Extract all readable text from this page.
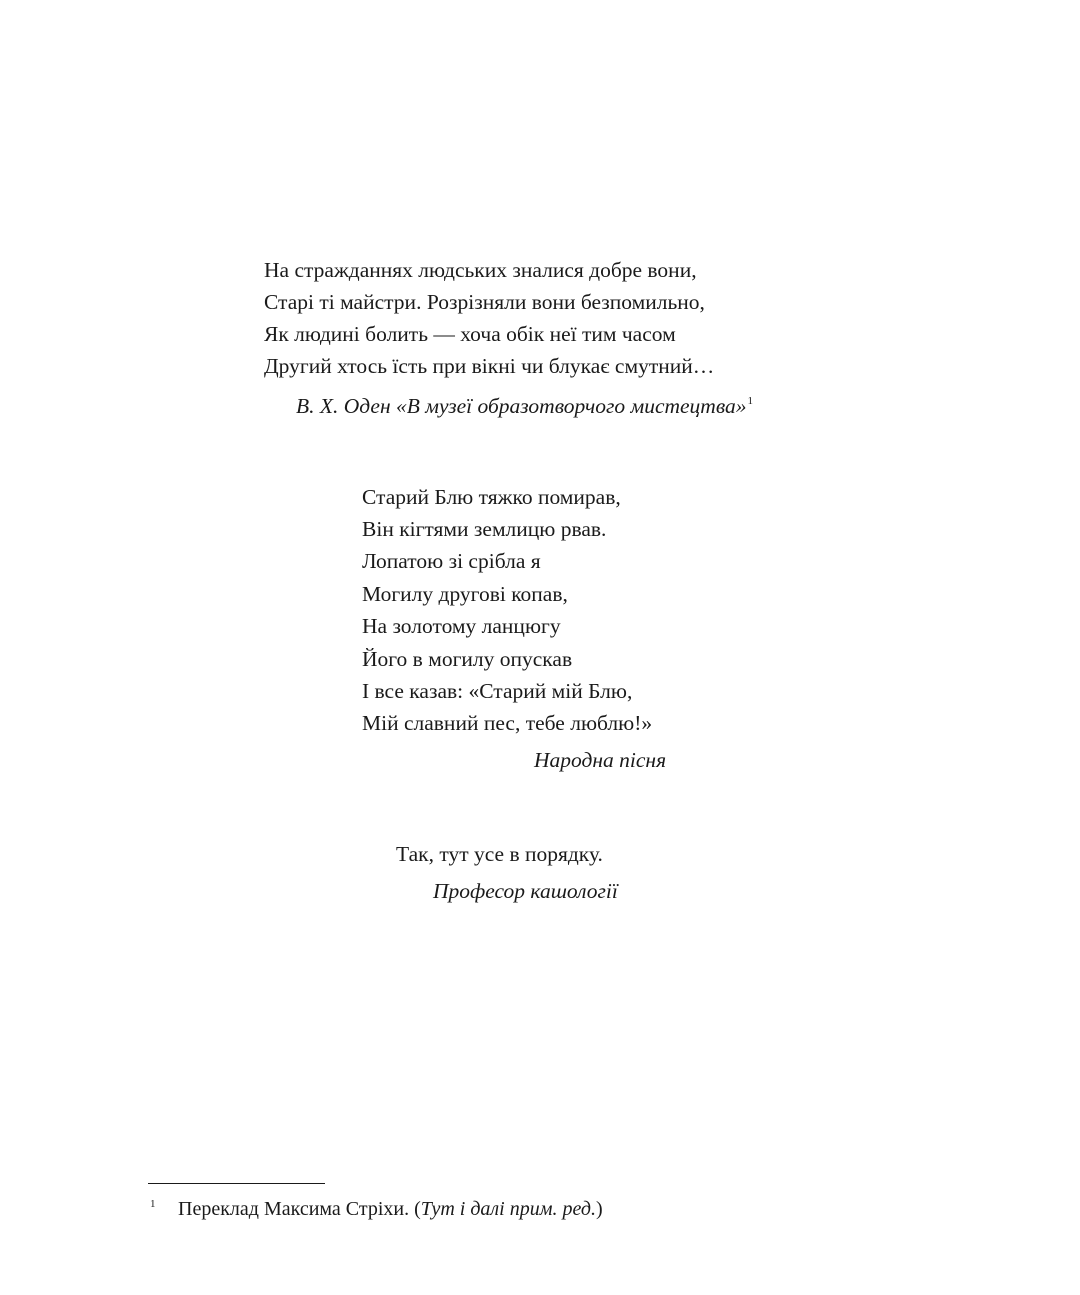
На стражданнях людських зналися добре вони,
Старі ті майстри. Розрізняли вони безпомильно,
Як людині болить — хоча обік неї тим часом
Другий хтось їсть при вікні чи блукає смутний…
В. Х. Оден «В музеї образотворчого мистецтва»$^1$
Старий Блю тяжко помирав,
Він кігтями землицю рвав.
Лопатою зі срібла я
Могилу другові копав,
На золотому ланцюгу
Його в могилу опускав
І все казав: «Старий мій Блю,
Мій славний пес, тебе люблю!»
Народна пісня
Так, тут усе в порядку.
Професор кашології
1 Переклад Максима Стріхи. (Тут і далі прим. ред.)
